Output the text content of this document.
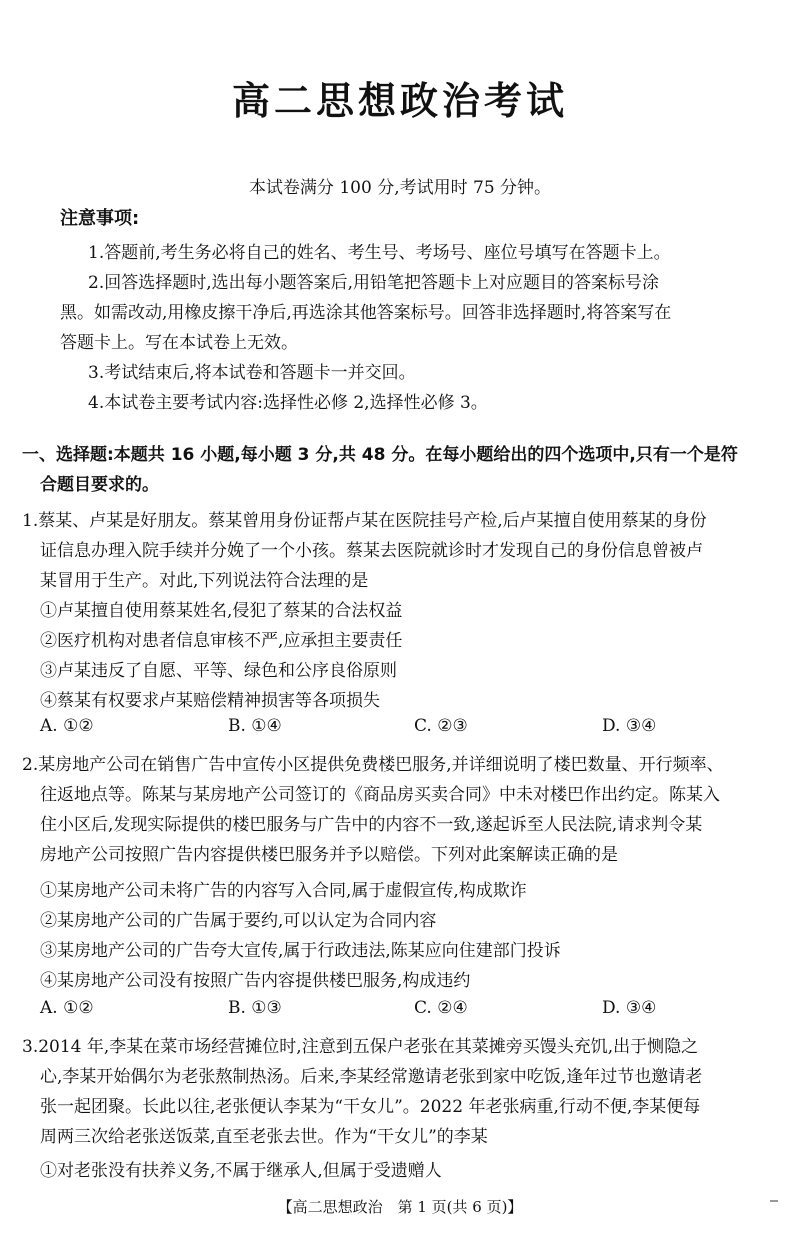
高二思想政治考试
本试卷满分 100 分,考试用时 75 分钟。
注意事项:
1.答题前,考生务必将自己的姓名、考生号、考场号、座位号填写在答题卡上。
2.回答选择题时,选出每小题答案后,用铅笔把答题卡上对应题目的答案标号涂
黑。如需改动,用橡皮擦干净后,再选涂其他答案标号。回答非选择题时,将答案写在
答题卡上。写在本试卷上无效。
3.考试结束后,将本试卷和答题卡一并交回。
4.本试卷主要考试内容:选择性必修 2,选择性必修 3。
一、选择题:本题共 16 小题,每小题 3 分,共 48 分。在每小题给出的四个选项中,只有一个是符
合题目要求的。
1.蔡某、卢某是好朋友。蔡某曾用身份证帮卢某在医院挂号产检,后卢某擅自使用蔡某的身份
证信息办理入院手续并分娩了一个小孩。蔡某去医院就诊时才发现自己的身份信息曾被卢
某冒用于生产。对此,下列说法符合法理的是
①卢某擅自使用蔡某姓名,侵犯了蔡某的合法权益
②医疗机构对患者信息审核不严,应承担主要责任
③卢某违反了自愿、平等、绿色和公序良俗原则
④蔡某有权要求卢某赔偿精神损害等各项损失
A. ①②	B. ①④	C. ②③	D. ③④
2.某房地产公司在销售广告中宣传小区提供免费楼巴服务,并详细说明了楼巴数量、开行频率、
往返地点等。陈某与某房地产公司签订的《商品房买卖合同》中未对楼巴作出约定。陈某入
住小区后,发现实际提供的楼巴服务与广告中的内容不一致,遂起诉至人民法院,请求判令某
房地产公司按照广告内容提供楼巴服务并予以赔偿。下列对此案解读正确的是
①某房地产公司未将广告的内容写入合同,属于虚假宣传,构成欺诈
②某房地产公司的广告属于要约,可以认定为合同内容
③某房地产公司的广告夸大宣传,属于行政违法,陈某应向住建部门投诉
④某房地产公司没有按照广告内容提供楼巴服务,构成违约
A. ①②	B. ①③	C. ②④	D. ③④
3.2014 年,李某在菜市场经营摊位时,注意到五保户老张在其菜摊旁买馒头充饥,出于恻隐之
心,李某开始偶尔为老张熬制热汤。后来,李某经常邀请老张到家中吃饭,逢年过节也邀请老
张一起团聚。长此以往,老张便认李某为“干女儿”。2022 年老张病重,行动不便,李某便每
周两三次给老张送饭菜,直至老张去世。作为“干女儿”的李某
①对老张没有扶养义务,不属于继承人,但属于受遗赠人
【高二思想政治　第 1 页(共 6 页)】
